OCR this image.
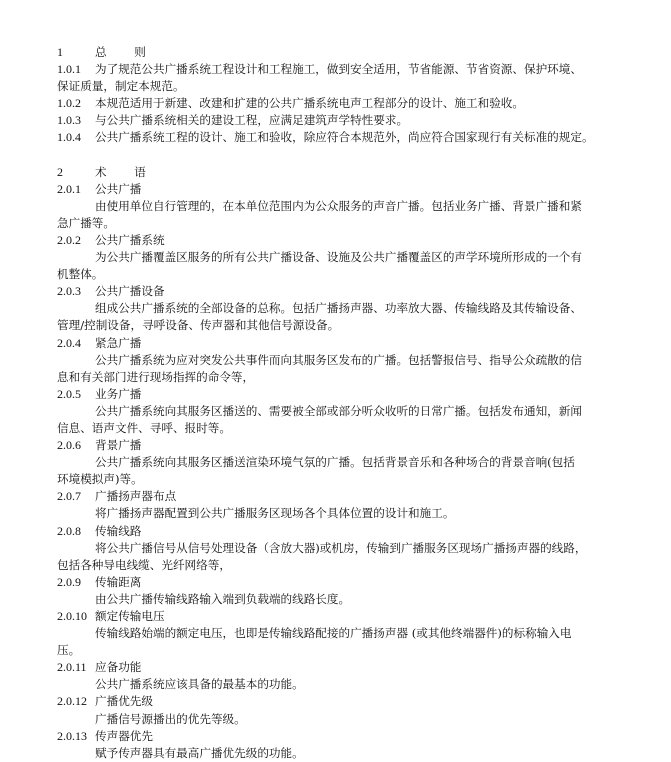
1	总 则
1.0.1	为了规范公共广播系统工程设计和工程施工，做到安全适用，节省能源、节省资源、保护环境、
保证质量，制定本规范。
1.0.2	本规范适用于新建、改建和扩建的公共广播系统电声工程部分的设计、施工和验收。
1.0.3	与公共广播系统相关的建设工程，应满足建筑声学特性要求。
1.0.4	公共广播系统工程的设计、施工和验收，除应符合本规范外，尚应符合国家现行有关标准的规定。
2	术 语
2.0.1	公共广播
由使用单位自行管理的，在本单位范围内为公众服务的声音广播。包括业务广播、背景广播和紧
急广播等。
2.0.2	公共广播系统
为公共广播覆盖区服务的所有公共广播设备、设施及公共广播覆盖区的声学环境所形成的一个有
机整体。
2.0.3	公共广播设备
组成公共广播系统的全部设备的总称。包括广播扬声器、功率放大器、传输线路及其传输设备、
管理/控制设备，寻呼设备、传声器和其他信号源设备。
2.0.4	紧急广播
公共广播系统为应对突发公共事件而向其服务区发布的广播。包括警报信号、指导公众疏散的信
息和有关部门进行现场指挥的命令等，
2.0.5	业务广播
公共广播系统向其服务区播送的、需要被全部或部分听众收听的日常广播。包括发布通知，新闻
信息、语声文件、寻呼、报时等。
2.0.6	背景广播
公共广播系统向其服务区播送渲染环境气氛的广播。包括背景音乐和各种场合的背景音响(包括
环境模拟声)等。
2.0.7	广播扬声器布点
将广播扬声器配置到公共广播服务区现场各个具体位置的设计和施工。
2.0.8	传输线路
将公共广播信号从信号处理设备（含放大器)或机房，传输到广播服务区现场广播扬声器的线路，
包括各种导电线缆、光纤网络等，
2.0.9	传输距离
由公共广播传输线路输入端到负载端的线路长度。
2.0.10 额定传输电压
传输线路始端的额定电压，也即是传输线路配接的广播扬声器 (或其他终端器件)的标称输入电
压。
2.0.11 应备功能
公共广播系统应该具备的最基本的功能。
2.0.12 广播优先级
广播信号源播出的优先等级。
2.0.13 传声器优先
赋予传声器具有最高广播优先级的功能。
